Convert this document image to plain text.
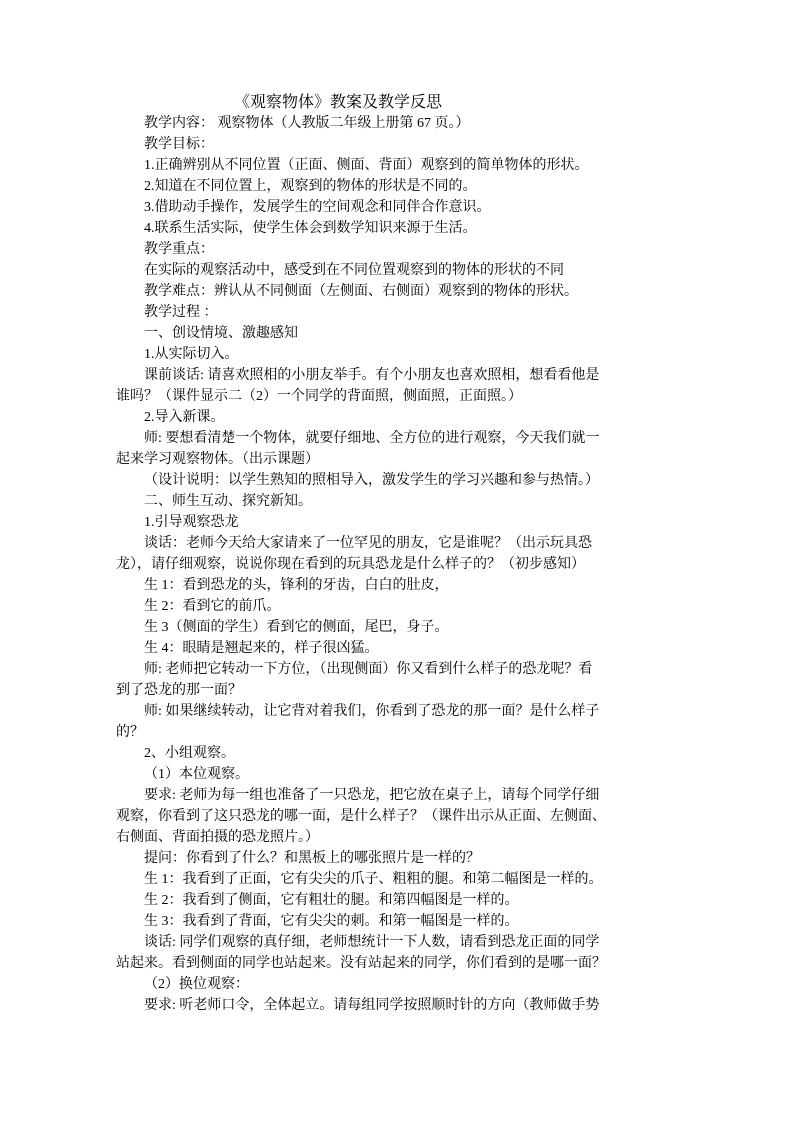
《观察物体》教案及教学反思
教学内容： 观察物体（人教版二年级上册第 67 页。）
教学目标：
1.正确辨别从不同位置（正面、侧面、背面）观察到的简单物体的形状。
2.知道在不同位置上，观察到的物体的形状是不同的。
3.借助动手操作，发展学生的空间观念和同伴合作意识。
4.联系生活实际，使学生体会到数学知识来源于生活。
教学重点：
在实际的观察活动中，感受到在不同位置观察到的物体的形状的不同
教学难点：辨认从不同侧面（左侧面、右侧面）观察到的物体的形状。
教学过程 ：
一、创设情境、激趣感知
1.从实际切入。
课前谈话: 请喜欢照相的小朋友举手。有个小朋友也喜欢照相，想看看他是
谁吗？（课件显示二（2）一个同学的背面照，侧面照，正面照。）
2.导入新课。
师: 要想看清楚一个物体，就要仔细地、全方位的进行观察，今天我们就一
起来学习观察物体。（出示课题）
（设计说明：以学生熟知的照相导入，激发学生的学习兴趣和参与热情。）
二、师生互动、探究新知。
1.引导观察恐龙
谈话：老师今天给大家请来了一位罕见的朋友，它是谁呢？（出示玩具恐
龙），请仔细观察，说说你现在看到的玩具恐龙是什么样子的？（初步感知）
生 1：看到恐龙的头，锋利的牙齿，白白的肚皮，
生 2：看到它的前爪。
生 3（侧面的学生）看到它的侧面，尾巴，身子。
生 4：眼睛是翘起来的，样子很凶猛。
师: 老师把它转动一下方位，（出现侧面）你又看到什么样子的恐龙呢？看
到了恐龙的那一面？
师: 如果继续转动，让它背对着我们，你看到了恐龙的那一面？是什么样子
的？
2、小组观察。
（1）本位观察。
要求: 老师为每一组也准备了一只恐龙，把它放在桌子上，请每个同学仔细
观察，你看到了这只恐龙的哪一面，是什么样子？（课件出示从正面、左侧面、
右侧面、背面拍摄的恐龙照片。）
提问：你看到了什么？和黑板上的哪张照片是一样的？
生 1：我看到了正面，它有尖尖的爪子、粗粗的腿。和第二幅图是一样的。
生 2：我看到了侧面，它有粗壮的腿。和第四幅图是一样的。
生 3：我看到了背面，它有尖尖的刺。和第一幅图是一样的。
谈话: 同学们观察的真仔细，老师想统计一下人数，请看到恐龙正面的同学
站起来。看到侧面的同学也站起来。没有站起来的同学，你们看到的是哪一面？
（2）换位观察：
要求: 听老师口令，全体起立。请每组同学按照顺时针的方向（教师做手势
